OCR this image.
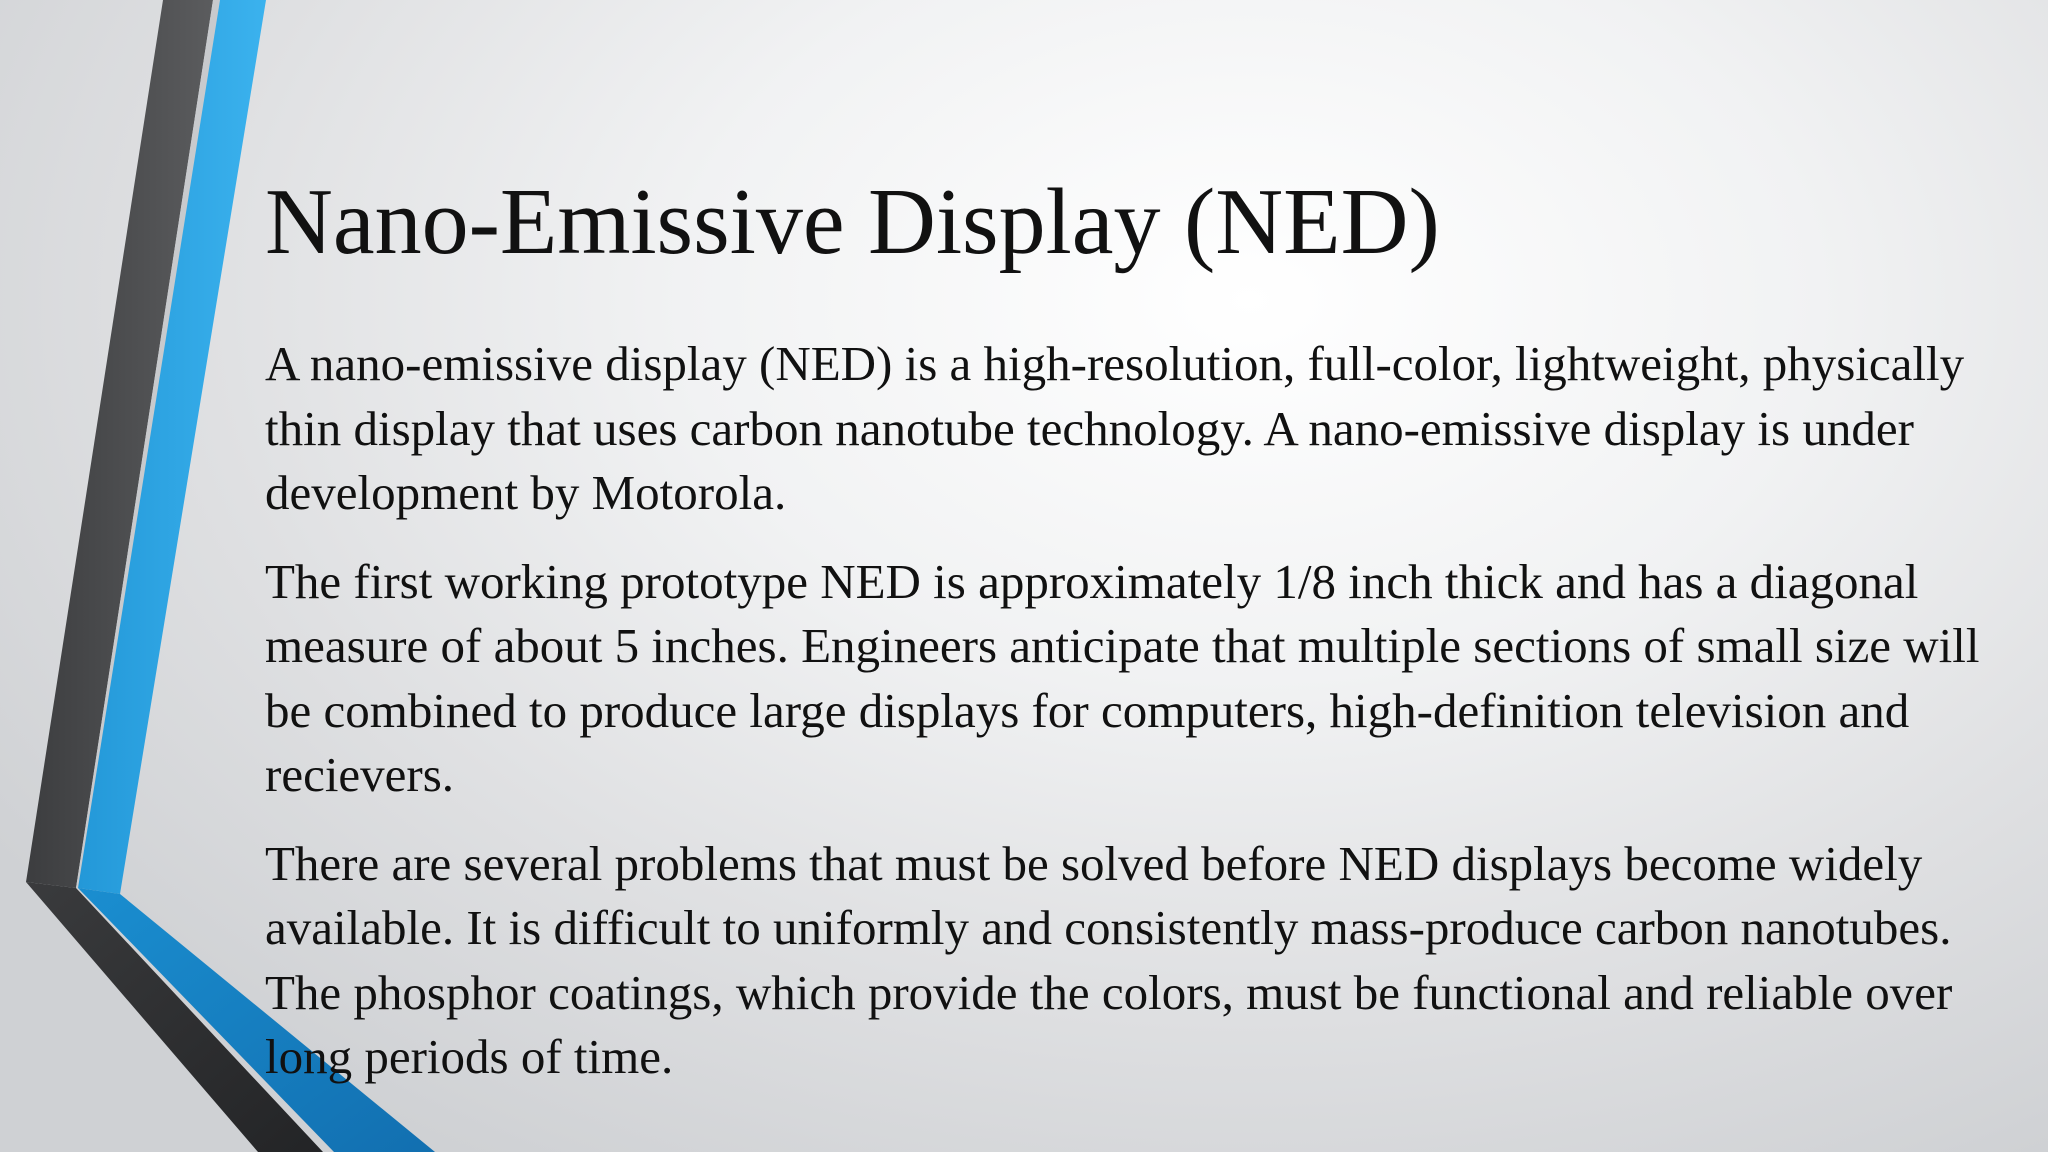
Nano-Emissive Display (NED)

A nano-emissive display (NED) is a high-resolution, full-color, lightweight, physically thin display that uses carbon nanotube technology. A nano-emissive display is under development by Motorola.

The first working prototype NED is approximately 1/8 inch thick and has a diagonal measure of about 5 inches. Engineers anticipate that multiple sections of small size will be combined to produce large displays for computers, high-definition television and recievers.

There are several problems that must be solved before NED displays become widely available. It is difficult to uniformly and consistently mass-produce carbon nanotubes. The phosphor coatings, which provide the colors, must be functional and reliable over long periods of time.
